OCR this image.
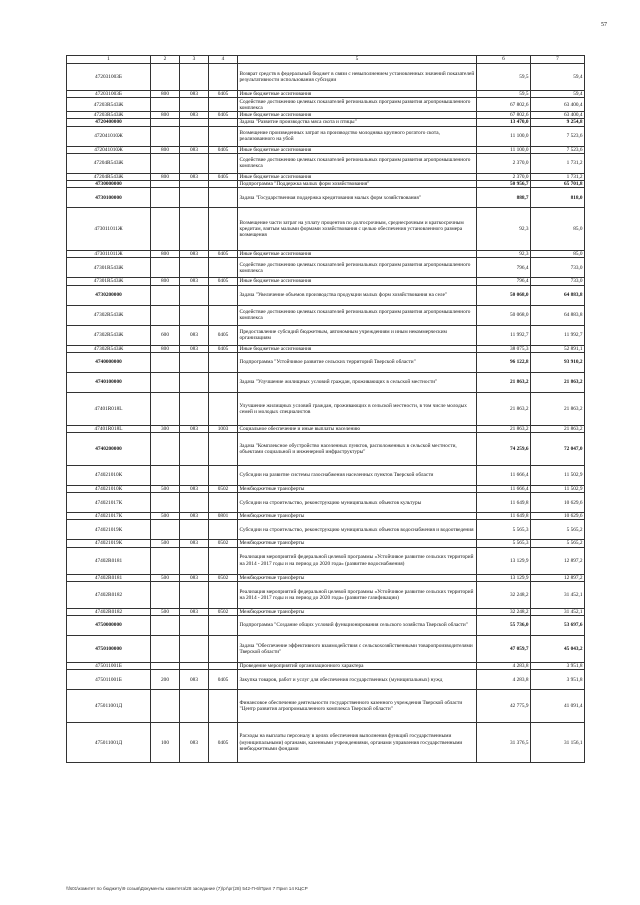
57
1	2	3	4	5	6	7
472031003Б				Возврат средств в федеральный бюджет в связи с невыполнением установленных значений показателей результативности использования субсидии	59,5	59,4
472031003Б	800	083	0405	Иные бюджетные ассигнования	59,5	59,4
47203R543Ж				Содействие достижению целевых показателей региональных программ развития агропромышленного комплекса	67 802,6	63 400,4
47203R543Ж	800	083	0405	Иные бюджетные ассигнования	67 802,6	63 400,4
4720400000				Задача "Развитие производства мяса скота и птицы"	13 470,0	9 254,8
472041010Ж				Возмещение произведенных затрат на производство молодняка крупного рогатого скота, реализованного на убой	11 100,0	7 523,6
472041010Ж	800	083	0405	Иные бюджетные ассигнования	11 100,0	7 523,6
47204R543Ж				Содействие достижению целевых показателей региональных программ развития агропромышленного комплекса	2 370,0	1 731,2
47204R543Ж	800	083	0405	Иные бюджетные ассигнования	2 370,0	1 731,2
4730000000				Подпрограмма "Поддержка малых форм хозяйствования"	50 956,7	65 701,8
4730100000				Задача "Государственная поддержка кредитования малых форм хозяйствования"	888,7	818,0
473011011Ж				Возмещение части затрат на уплату процентов по долгосрочным, среднесрочным и краткосрочным кредитам, взятым малыми формами хозяйствования с целью обеспечения установленного размера возмещения	92,3	85,0
473011011Ж	800	083	0405	Иные бюджетные ассигнования	92,3	85,0
47301R543Ж				Содействие достижению целевых показателей региональных программ развития агропромышленного комплекса	796,4	733,0
47301R543Ж	800	083	0405	Иные бюджетные ассигнования	796,4	733,0
4730200000				Задача "Увеличение объемов производства продукции малых форм хозяйствования на селе"	50 068,0	64 883,8
47302R543Ж				Содействие достижению целевых показателей региональных программ развития агропромышленного комплекса	50 068,0	64 883,8
47302R543Ж	600	083	0405	Предоставление субсидий бюджетным, автономным учреждениям и иным некоммерческим организациям	11 992,7	11 992,7
47302R543Ж	800	083	0405	Иные бюджетные ассигнования	38 075,3	52 891,1
4740000000				Подпрограмма "Устойчивое развитие сельских территорий Тверской области"	96 122,8	93 910,2
4740100000				Задача "Улучшение жилищных условий граждан, проживающих в сельской местности"	21 863,2	21 863,2
47401R018L				Улучшение жилищных условий граждан, проживающих в сельской местности, в том числе молодых семей и молодых специалистов	21 863,2	21 863,2
47401R018L	300	083	1003	Социальное обеспечение и иные выплаты населению	21 863,2	21 863,2
4740200000				Задача "Комплексное обустройство населенных пунктов, расположенных в сельской местности, объектами социальной и инженерной инфраструктуры"	74 259,6	72 047,0
474021010К				Субсидии на развитие системы газоснабжения населенных пунктов Тверской области	11 666,4	11 502,9
474021010К	500	083	0502	Межбюджетные трансферты	11 666,4	11 502,9
474021017К				Субсидии на строительство, реконструкцию муниципальных объектов культуры	11 649,8	10 629,6
474021017К	500	083	0801	Межбюджетные трансферты	11 649,8	10 629,6
474021019К				Субсидии на строительство, реконструкцию муниципальных объектов водоснабжения и водоотведения	5 565,3	5 565,2
474021019К	500	083	0502	Межбюджетные трансферты	5 565,3	5 565,2
47402R0181				Реализация мероприятий федеральной целевой программы «Устойчивое развитие сельских территорий на 2014 - 2017 годы и на период до 2020 года» (развитие водоснабжения)	13 129,9	12 897,2
47402R0181	500	083	0502	Межбюджетные трансферты	13 129,9	12 897,2
47402R0182				Реализация мероприятий федеральной целевой программы «Устойчивое развитие сельских территорий на 2014 - 2017 годы и на период до 2020 года» (развитие газификации)	32 248,2	31 452,1
47402R0182	500	083	0502	Межбюджетные трансферты	32 248,2	31 452,1
4750000000				Подпрограмма "Создание общих условий функционирования сельского хозяйства Тверской области"	55 736,0	53 697,6
4750100000				Задача "Обеспечение эффективного взаимодействия с сельскохозяйственными товаропроизводителями Тверской области"	47 059,7	45 043,2
475011001Б				Проведение мероприятий организационного характера	4 283,8	3 951,8
475011001Б	200	083	0405	Закупка товаров, работ и услуг для обеспечения государственных (муниципальных) нужд	4 283,8	3 951,8
475011001Д				Финансовое обеспечение деятельности государственного казенного учреждения Тверской области "Центр развития агропромышленного комплекса Тверской области"	42 775,9	41 091,4
475011001Д	100	083	0405	Расходы на выплаты персоналу в целях обеспечения выполнения функций государственными (муниципальными) органами, казенными учреждениями, органами управления государственными внебюджетными фондами	31 376,5	31 156,1
\\fs01\комитет по бюджету\9 созыв\Документы комитета\28 заседание (7)\рг\рг(28) 542-П-6\Прил 7 Прил 14 КЦСР
